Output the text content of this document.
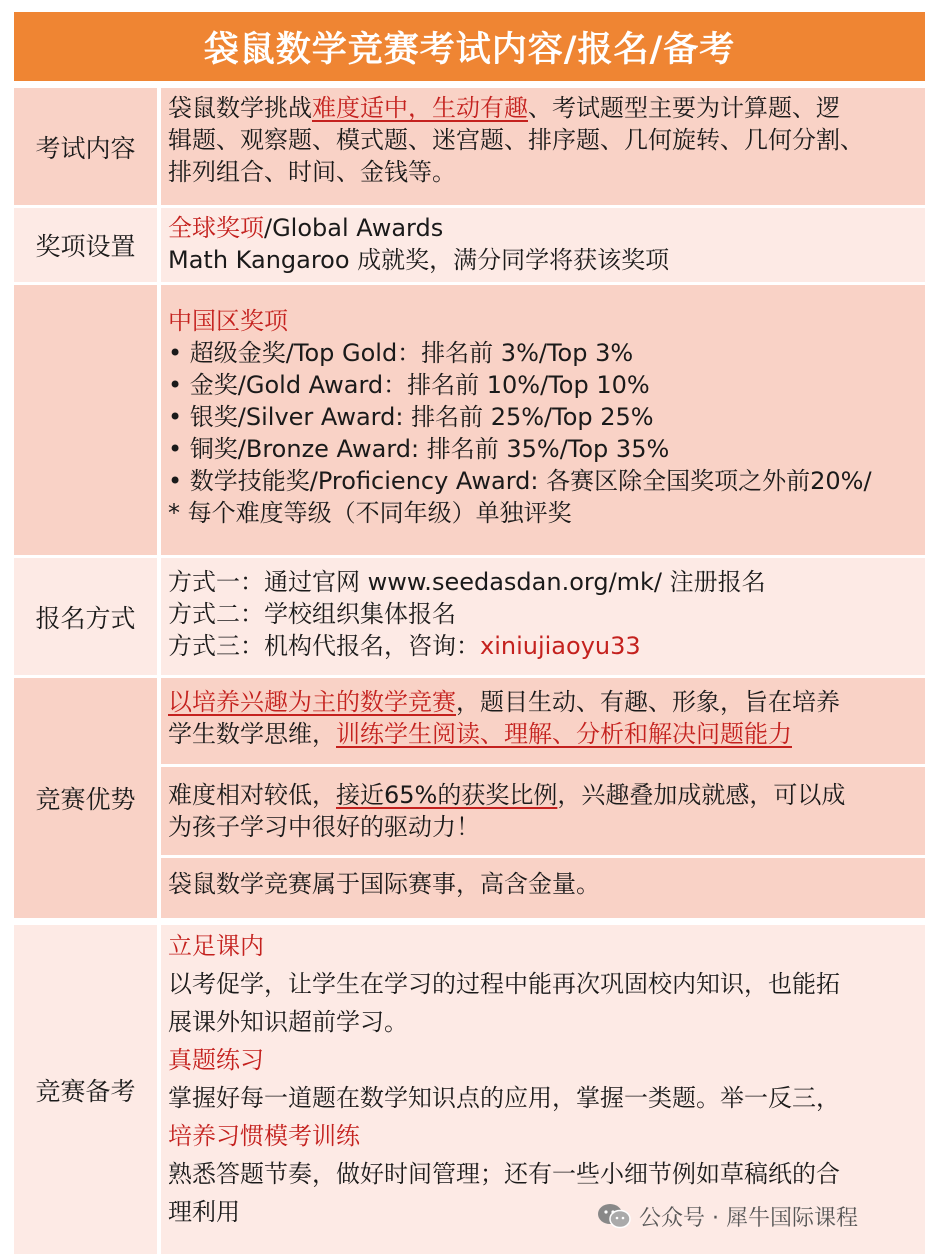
袋鼠数学竞赛考试内容/报名/备考
考试内容
袋鼠数学挑战难度适中，生动有趣、考试题型主要为计算题、逻
辑题、观察题、模式题、迷宫题、排序题、几何旋转、几何分割、
排列组合、时间、金钱等。
奖项设置
全球奖项/Global Awards
Math Kangaroo 成就奖，满分同学将获该奖项
中国区奖项
• 超级金奖/Top Gold：排名前 3%/Top 3%
• 金奖/Gold Award：排名前 10%/Top 10%
• 银奖/Silver Award: 排名前 25%/Top 25%
• 铜奖/Bronze Award: 排名前 35%/Top 35%
• 数学技能奖/Proficiency Award: 各赛区除全国奖项之外前20%/
* 每个难度等级（不同年级）单独评奖
报名方式
方式一：通过官网 www.seedasdan.org/mk/ 注册报名
方式二：学校组织集体报名
方式三：机构代报名，咨询：xiniujiaoyu33
竞赛优势
以培养兴趣为主的数学竞赛，题目生动、有趣、形象，旨在培养
学生数学思维，训练学生阅读、理解、分析和解决问题能力
难度相对较低，接近65%的获奖比例，兴趣叠加成就感，可以成
为孩子学习中很好的驱动力！
袋鼠数学竞赛属于国际赛事，高含金量。
竞赛备考
立足课内
以考促学，让学生在学习的过程中能再次巩固校内知识，也能拓
展课外知识超前学习。
真题练习
掌握好每一道题在数学知识点的应用，掌握一类题。举一反三，
培养习惯模考训练
熟悉答题节奏，做好时间管理；还有一些小细节例如草稿纸的合
理利用	公众号 · 犀牛国际课程
